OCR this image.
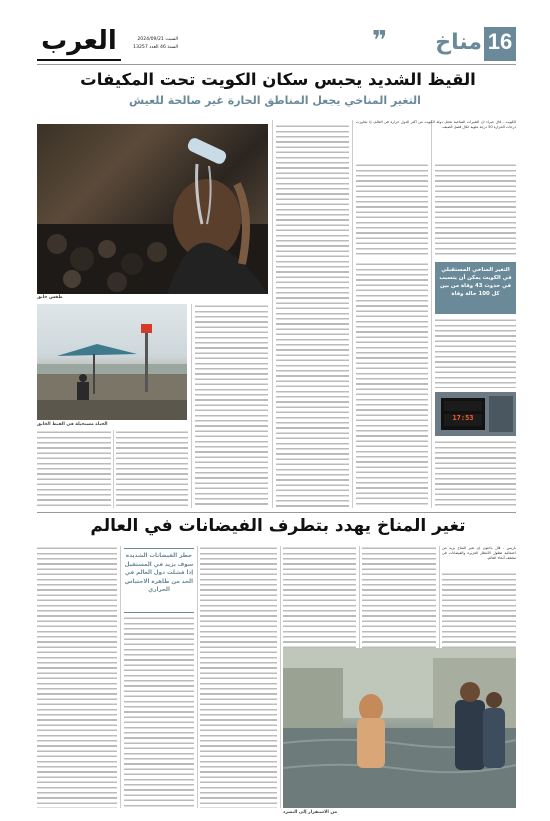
16
مناخ
❞
العرب	السبت 2024/09/21
السنة 46 العدد 13257
القيظ الشديد يحبس سكان الكويت تحت المكيفات
التغير المناخي يجعل المناطق الحارة غير صالحة للعيش
طقس خانق
الكويت - قال خبراء ان التغيرات المناخية تجعل دولة الكويت من أكثر الدول حرارة في العالم، إذ تجاوزت درجات الحرارة 50 درجة مئوية خلال فصل الصيف.
التغير المناخي المستقبلي في الكويت يمكن أن يتسبب في حدوث 43 وفاة من بين كل 100 حالة وفاة
17:53
الحياة مستحيلة في القيظ الخانق
تغير المناخ يهدد بتطرف الفيضانات في العالم
باريس - قال باحثون إن تغير المناخ يزيد من احتمالية هطول الأمطار الغزيرة والفيضانات في مختلف أنحاء العالم.
خطر الفيضانات الشديدة سوف يزيد في المستقبل إذا فشلت دول العالم في الحد من ظاهرة الاحتباس الحراري
من الاستقرار إلى التشرد
